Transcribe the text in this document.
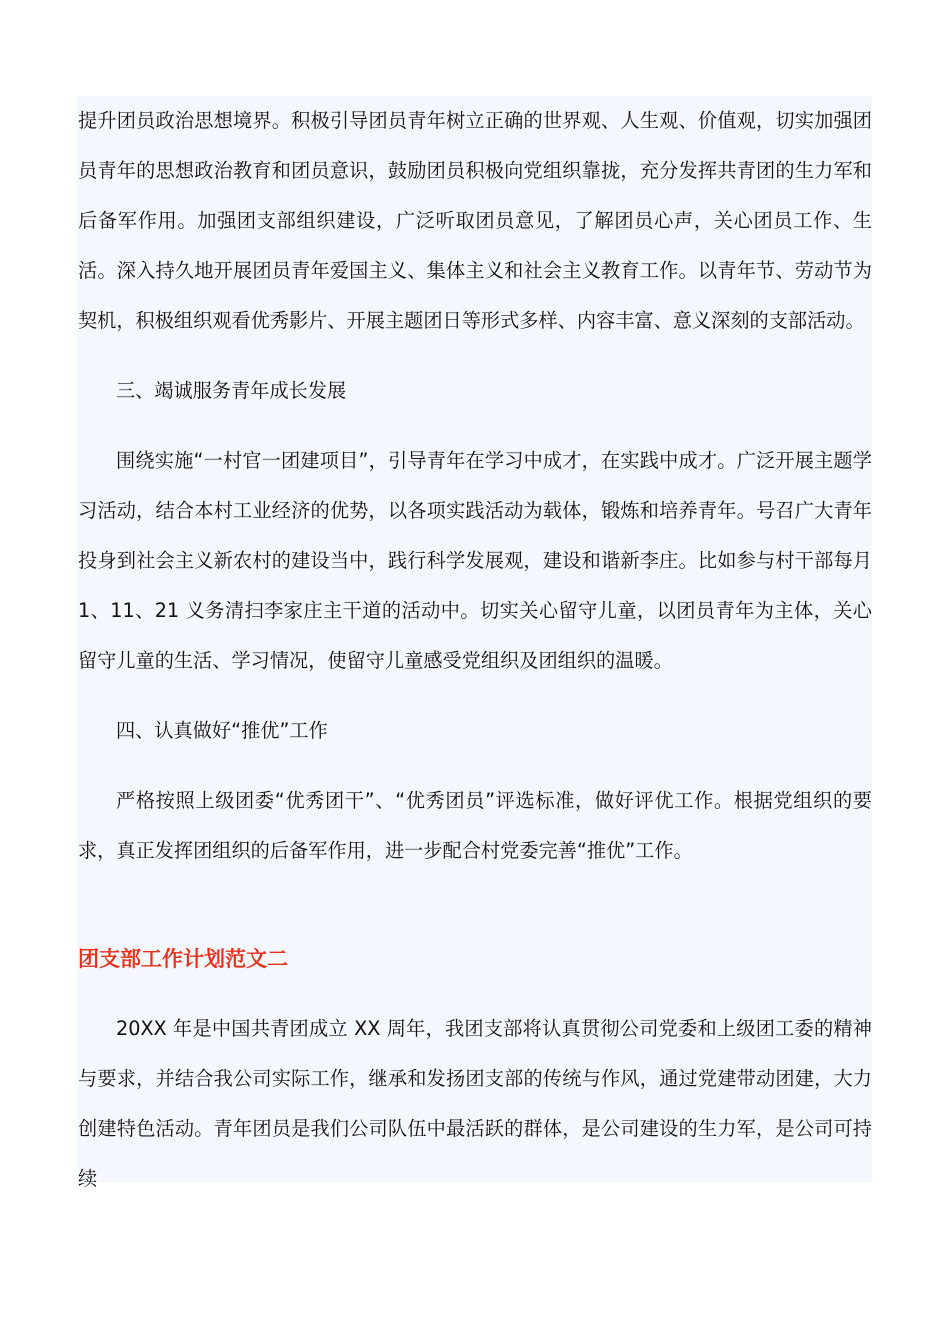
提升团员政治思想境界。积极引导团员青年树立正确的世界观、人生观、价值观，切实加强团员青年的思想政治教育和团员意识，鼓励团员积极向党组织靠拢，充分发挥共青团的生力军和后备军作用。加强团支部组织建设，广泛听取团员意见，了解团员心声，关心团员工作、生活。深入持久地开展团员青年爱国主义、集体主义和社会主义教育工作。以青年节、劳动节为契机，积极组织观看优秀影片、开展主题团日等形式多样、内容丰富、意义深刻的支部活动。

三、竭诚服务青年成长发展

围绕实施“一村官一团建项目”，引导青年在学习中成才，在实践中成才。广泛开展主题学习活动，结合本村工业经济的优势，以各项实践活动为载体，锻炼和培养青年。号召广大青年投身到社会主义新农村的建设当中，践行科学发展观，建设和谐新李庄。比如参与村干部每月 1、11、21 义务清扫李家庄主干道的活动中。切实关心留守儿童，以团员青年为主体，关心留守儿童的生活、学习情况，使留守儿童感受党组织及团组织的温暖。

四、认真做好“推优”工作

严格按照上级团委“优秀团干”、“优秀团员”评选标准，做好评优工作。根据党组织的要求，真正发挥团组织的后备军作用，进一步配合村党委完善“推优”工作。

团支部工作计划范文二

20XX 年是中国共青团成立 XX 周年，我团支部将认真贯彻公司党委和上级团工委的精神与要求，并结合我公司实际工作，继承和发扬团支部的传统与作风，通过党建带动团建，大力创建特色活动。青年团员是我们公司队伍中最活跃的群体，是公司建设的生力军，是公司可持续
